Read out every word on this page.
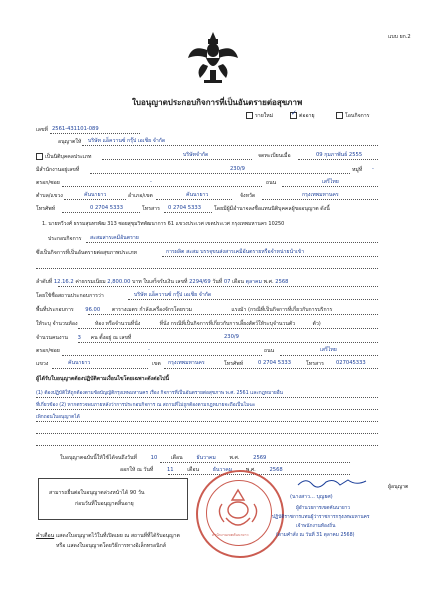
แบบ ยก.2
ใบอนุญาตประกอบกิจการที่เป็นอันตรายต่อสุขภาพ
รายใหม่	✓ ต่ออายุ	โอนกิจการ
เลขที่ 2561-431101-089
อนุญาตให้ บริษัท แอ็ควานซ์ กรุ๊ป เอเชีย จำกัด
เป็นนิติบุคคลประเภท	บริษัทจำกัด	จดทะเบียนเมื่อ	09 กุมภาพันธ์ 2555
มีสำนักงานอยู่เลขที่	230/9	หมู่ที่ -
ตรอก/ซอย	-	ถนน	เสรีไทย
ตำบล/แขวง	คันนายาว	อำเภอ/เขต	คันนายาว	จังหวัด	กรุงเทพมหานคร
โทรศัพท์	0 2704 5333	โทรสาร 0 2704 5333 โดยมีผู้มีอำนาจลงชื่อแทนนิติบุคคลผู้ขออนุญาต ดังนี้
1. นายทวีวงศ์ ธรรมสุนทรพัฒ 313 ซอยสุขุมวิทพัฒนาการ 61 แขวงประเวศ เขตประเวศ กรุงเทพมหานคร 10250
ประกอบกิจการ สะสมสารเคมีอันตราย
ซึ่งเป็นกิจการที่เป็นอันตรายต่อสุขภาพประเภท	การผลิต สะสม บรรจุขนส่งสารเคมีอันตรายหรือจำหน่ายนำเข้า
ลำดับที่ 12.16.2 ค่าธรรมเนียม 2,800.00 บาท ใบเสร็จรับเงิน เลขที่ 2294/69 วันที่ 07 เดือน ตุลาคม พ.ศ. 2568
โดยใช้ชื่อสถานประกอบการว่า	บริษัท แอ็ควานซ์ กรุ๊ป เอเชีย จำกัด
พื้นที่ประกอบการ 96.00 ตารางเมตร กำลังเครื่องจักรโดยรวม	แรงม้า (กรณีที่เป็นกิจการที่เกี่ยวกับการบริการ
ให้ระบุ จำนวนห้อง	ห้อง หรือจำนวนที่นั่ง	ที่นั่ง กรณีที่เป็นกิจการที่เกี่ยวกับการเลี้ยงสัตว์ให้ระบุจำนวนตัว	ตัว)
จำนวนคนงาน 3 คน ตั้งอยู่ ณ เลขที่	230/9
ตรอก/ซอย	-	ถนน	เสรีไทย
แขวง	คันนายาว	เขต กรุงเทพมหานคร	โทรศัพท์	0 2704 5333	โทรสาร 027045333
ผู้ได้รับใบอนุญาตต้องปฏิบัติตามเงื่อนไขโดยเฉพาะดังต่อไปนี้
(1) ต้องปฏิบัติให้ถูกต้องตามข้อบัญญัติกรุงเทพมหานคร เรื่อง กิจการที่เป็นอันตรายต่อสุขภาพ พ.ศ. 2561 และกฎหมายอื่น
ที่เกี่ยวข้อง (2) หากตรวจพบภายหลังว่าการประกอบกิจการ ณ สถานที่ไม่ถูกต้องตามกฎหมายจะถือเป็นโมฆะ
เพิกถอนใบอนุญาตได้
ใบอนุญาตฉบับนี้ให้ใช้ได้จนถึงวันที่	10	เดือน	ธันวาคม	พ.ศ.	2569
ออกให้ ณ วันที่	11	เดือน	ธันวาคม	พ.ศ.	2568
สามารถยื่นต่อใบอนุญาตล่วงหน้าได้ 90 วัน
ก่อนวันที่ใบอนุญาตสิ้นอายุ
สำนักงานเขตคันนายาว
ผู้อนุญาต
(นางสาว... บุญยศ)
ผู้อำนวยการเขตคันนายาว
ปฏิบัติราชการแทนผู้ว่าราชการกรุงเทพมหานคร
เจ้าพนักงานท้องถิ่น
(ตามคำสั่ง ณ วันที่ 31 ตุลาคม 2568)
คำเตือน แสดงใบอนุญาตไว้ในที่เปิดเผย ณ สถานที่ที่ได้รับอนุญาต
หรือ แสดงใบอนุญาตโดยวิธีการทางอิเล็กทรอนิกส์
